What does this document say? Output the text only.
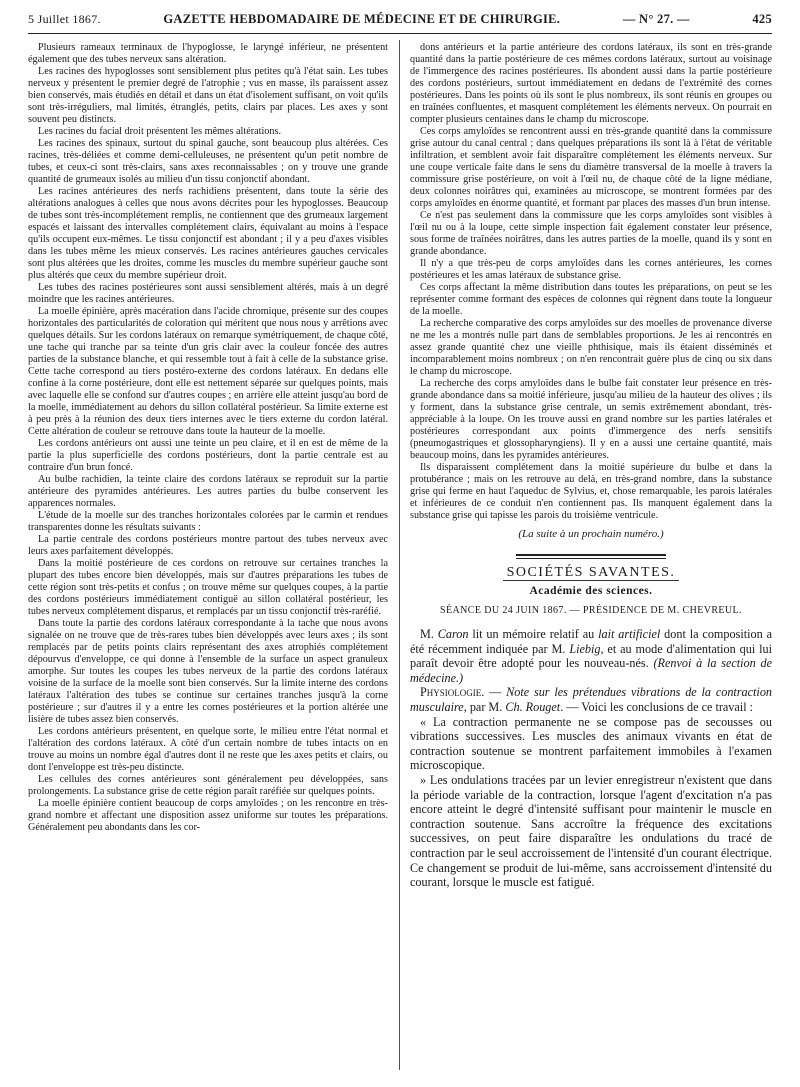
5 Juillet 1867.	GAZETTE HEBDOMADAIRE DE MÉDECINE ET DE CHIRURGIE.	— N° 27. —	425

Plusieurs rameaux terminaux de l'hypoglosse, le laryngé inférieur, ne présentent également que des tubes nerveux sans altération.

Les racines des hypoglosses sont sensiblement plus petites qu'à l'état sain. Les tubes nerveux y présentent le premier degré de l'atrophie ; vus en masse, ils paraissent assez bien conservés, mais étudiés en détail et dans un état d'isolement suffisant, on voit qu'ils sont très-irréguliers, mal limités, étranglés, petits, clairs par places. Les axes y sont souvent peu distincts.

Les racines du facial droit présentent les mêmes altérations.

Les racines des spinaux, surtout du spinal gauche, sont beaucoup plus altérées. Ces racines, très-déliées et comme demi-celluleuses, ne présentent qu'un petit nombre de tubes, et ceux-ci sont très-clairs, sans axes reconnaissables ; on y trouve une grande quantité de grumeaux isolés au milieu d'un tissu conjonctif abondant.

Les racines antérieures des nerfs rachidiens présentent, dans toute la série des altérations analogues à celles que nous avons décrites pour les hypoglosses. Beaucoup de tubes sont très-incomplétement remplis, ne contiennent que des grumeaux largement espacés et laissant des intervalles complétement clairs, équivalant au moins à l'espace qu'ils occupent eux-mêmes. Le tissu conjonctif est abondant ; il y a peu d'axes visibles dans les tubes même les mieux conservés. Les racines antérieures gauches cervicales sont plus altérées que les droites, comme les muscles du membre supérieur gauche sont plus altérés que ceux du membre supérieur droit.

Les tubes des racines postérieures sont aussi sensiblement altérés, mais à un degré moindre que les racines antérieures.

La moelle épinière, après macération dans l'acide chromique, présente sur des coupes horizontales des particularités de coloration qui méritent que nous nous y arrêtions avec quelques détails. Sur les cordons latéraux on remarque symétriquement, de chaque côté, une tache qui tranche par sa teinte d'un gris clair avec la couleur foncée des autres parties de la substance blanche, et qui ressemble tout à fait à celle de la substance grise. Cette tache correspond au tiers postéro-externe des cordons latéraux. En dedans elle confine à la corne postérieure, dont elle est nettement séparée sur quelques points, mais avec laquelle elle se confond sur d'autres coupes ; en arrière elle atteint jusqu'au bord de la moelle, immédiatement au dehors du sillon collatéral postérieur. Sa limite externe est à peu près à la réunion des deux tiers internes avec le tiers externe du cordon latéral. Cette altération de couleur se retrouve dans toute la hauteur de la moelle.

Les cordons antérieurs ont aussi une teinte un peu claire, et il en est de même de la partie la plus superficielle des cordons postérieurs, dont la partie centrale est au contraire d'un brun foncé.

Au bulbe rachidien, la teinte claire des cordons latéraux se reproduit sur la partie antérieure des pyramides antérieures. Les autres parties du bulbe conservent les apparences normales.

L'étude de la moelle sur des tranches horizontales colorées par le carmin et rendues transparentes donne les résultats suivants :

La partie centrale des cordons postérieurs montre partout des tubes nerveux avec leurs axes parfaitement développés.

Dans la moitié postérieure de ces cordons on retrouve sur certaines tranches la plupart des tubes encore bien développés, mais sur d'autres préparations les tubes de cette région sont très-petits et confus ; on trouve même sur quelques coupes, à la partie des cordons postérieurs immédiatement contiguë au sillon collatéral postérieur, les tubes nerveux complétement disparus, et remplacés par un tissu conjonctif très-raréfié.

Dans toute la partie des cordons latéraux correspondante à la tache que nous avons signalée on ne trouve que de très-rares tubes bien développés avec leurs axes ; ils sont remplacés par de petits points clairs représentant des axes atrophiés complétement dépourvus d'enveloppe, ce qui donne à l'ensemble de la surface un aspect granuleux amorphe. Sur toutes les coupes les tubes nerveux de la partie des cordons latéraux voisine de la surface de la moelle sont bien conservés. Sur la limite interne des cordons latéraux l'altération des tubes se continue sur certaines tranches jusqu'à la corne postérieure ; sur d'autres il y a entre les cornes postérieures et la portion altérée une lisière de tubes assez bien conservés.

Les cordons antérieurs présentent, en quelque sorte, le milieu entre l'état normal et l'altération des cordons latéraux. A côté d'un certain nombre de tubes intacts on en trouve au moins un nombre égal d'autres dont il ne reste que les axes petits et clairs, ou dont l'enveloppe est très-peu distincte.

Les cellules des cornes antérieures sont généralement peu développées, sans prolongements. La substance grise de cette région paraît raréfiée sur quelques points.

La moelle épinière contient beaucoup de corps amyloïdes ; on les rencontre en très-grand nombre et affectant une disposition assez uniforme sur toutes les préparations. Généralement peu abondants dans les cor-

dons antérieurs et la partie antérieure des cordons latéraux, ils sont en très-grande quantité dans la partie postérieure de ces mêmes cordons latéraux, surtout au voisinage de l'immergence des racines postérieures. Ils abondent aussi dans la partie postérieure des cordons postérieurs, surtout immédiatement en dedans de l'extrémité des cornes postérieures. Dans les points où ils sont le plus nombreux, ils sont réunis en groupes ou en traînées confluentes, et masquent complétement les éléments nerveux. On pourrait en compter plusieurs centaines dans le champ du microscope.

Ces corps amyloïdes se rencontrent aussi en très-grande quantité dans la commissure grise autour du canal central ; dans quelques préparations ils sont là à l'état de véritable infiltration, et semblent avoir fait disparaître complétement les éléments nerveux. Sur une coupe verticale faite dans le sens du diamètre transversal de la moelle à travers la commissure grise postérieure, on voit à l'œil nu, de chaque côté de la ligne médiane, deux colonnes noirâtres qui, examinées au microscope, se montrent formées par des corps amyloïdes en énorme quantité, et formant par places des masses d'un brun intense.

Ce n'est pas seulement dans la commissure que les corps amyloïdes sont visibles à l'œil nu ou à la loupe, cette simple inspection fait également constater leur présence, sous forme de traînées noirâtres, dans les autres parties de la moelle, quand ils y sont en grande abondance.

Il n'y a que très-peu de corps amyloïdes dans les cornes antérieures, les cornes postérieures et les amas latéraux de substance grise.

Ces corps affectant la même distribution dans toutes les préparations, on peut se les représenter comme formant des espèces de colonnes qui règnent dans toute la longueur de la moelle.

La recherche comparative des corps amyloïdes sur des moelles de provenance diverse ne me les a montrés nulle part dans de semblables proportions. Je les ai rencontrés en assez grande quantité chez une vieille phthisique, mais ils étaient disséminés et incomparablement moins nombreux ; on n'en rencontrait guère plus de cinq ou six dans le champ du microscope.

La recherche des corps amyloïdes dans le bulbe fait constater leur présence en très-grande abondance dans sa moitié inférieure, jusqu'au milieu de la hauteur des olives ; ils y forment, dans la substance grise centrale, un semis extrêmement abondant, très-appréciable à la loupe. On les trouve aussi en grand nombre sur les parties latérales et postérieures correspondant aux points d'immergence des nerfs sensitifs (pneumogastriques et glossopharyngiens). Il y en a aussi une certaine quantité, mais beaucoup moins, dans les pyramides antérieures.

Ils disparaissent complétement dans la moitié supérieure du bulbe et dans la protubérance ; mais on les retrouve au delà, en très-grand nombre, dans la substance grise qui ferme en haut l'aqueduc de Sylvius, et, chose remarquable, les parois latérales et inférieures de ce conduit n'en contiennent pas. Ils manquent également dans la substance grise qui tapisse les parois du troisième ventricule.

(La suite à un prochain numéro.)

SOCIÉTÉS SAVANTES.

Académie des sciences.

SÉANCE DU 24 JUIN 1867. — PRÉSIDENCE DE M. CHEVREUL.

M. Caron lit un mémoire relatif au lait artificiel dont la composition a été récemment indiquée par M. Liebig, et au mode d'alimentation qui lui paraît devoir être adopté pour les nouveau-nés. (Renvoi à la section de médecine.)

Physiologie. — Note sur les prétendues vibrations de la contraction musculaire, par M. Ch. Rouget. — Voici les conclusions de ce travail :

« La contraction permanente ne se compose pas de secousses ou vibrations successives. Les muscles des animaux vivants en état de contraction soutenue se montrent parfaitement immobiles à l'examen microscopique.

» Les ondulations tracées par un levier enregistreur n'existent que dans la période variable de la contraction, lorsque l'agent d'excitation n'a pas encore atteint le degré d'intensité suffisant pour maintenir le muscle en contraction soutenue. Sans accroître la fréquence des excitations successives, on peut faire disparaître les ondulations du tracé de contraction par le seul accroissement de l'intensité d'un courant électrique. Ce changement se produit de lui-même, sans accroissement d'intensité du courant, lorsque le muscle est fatigué.
